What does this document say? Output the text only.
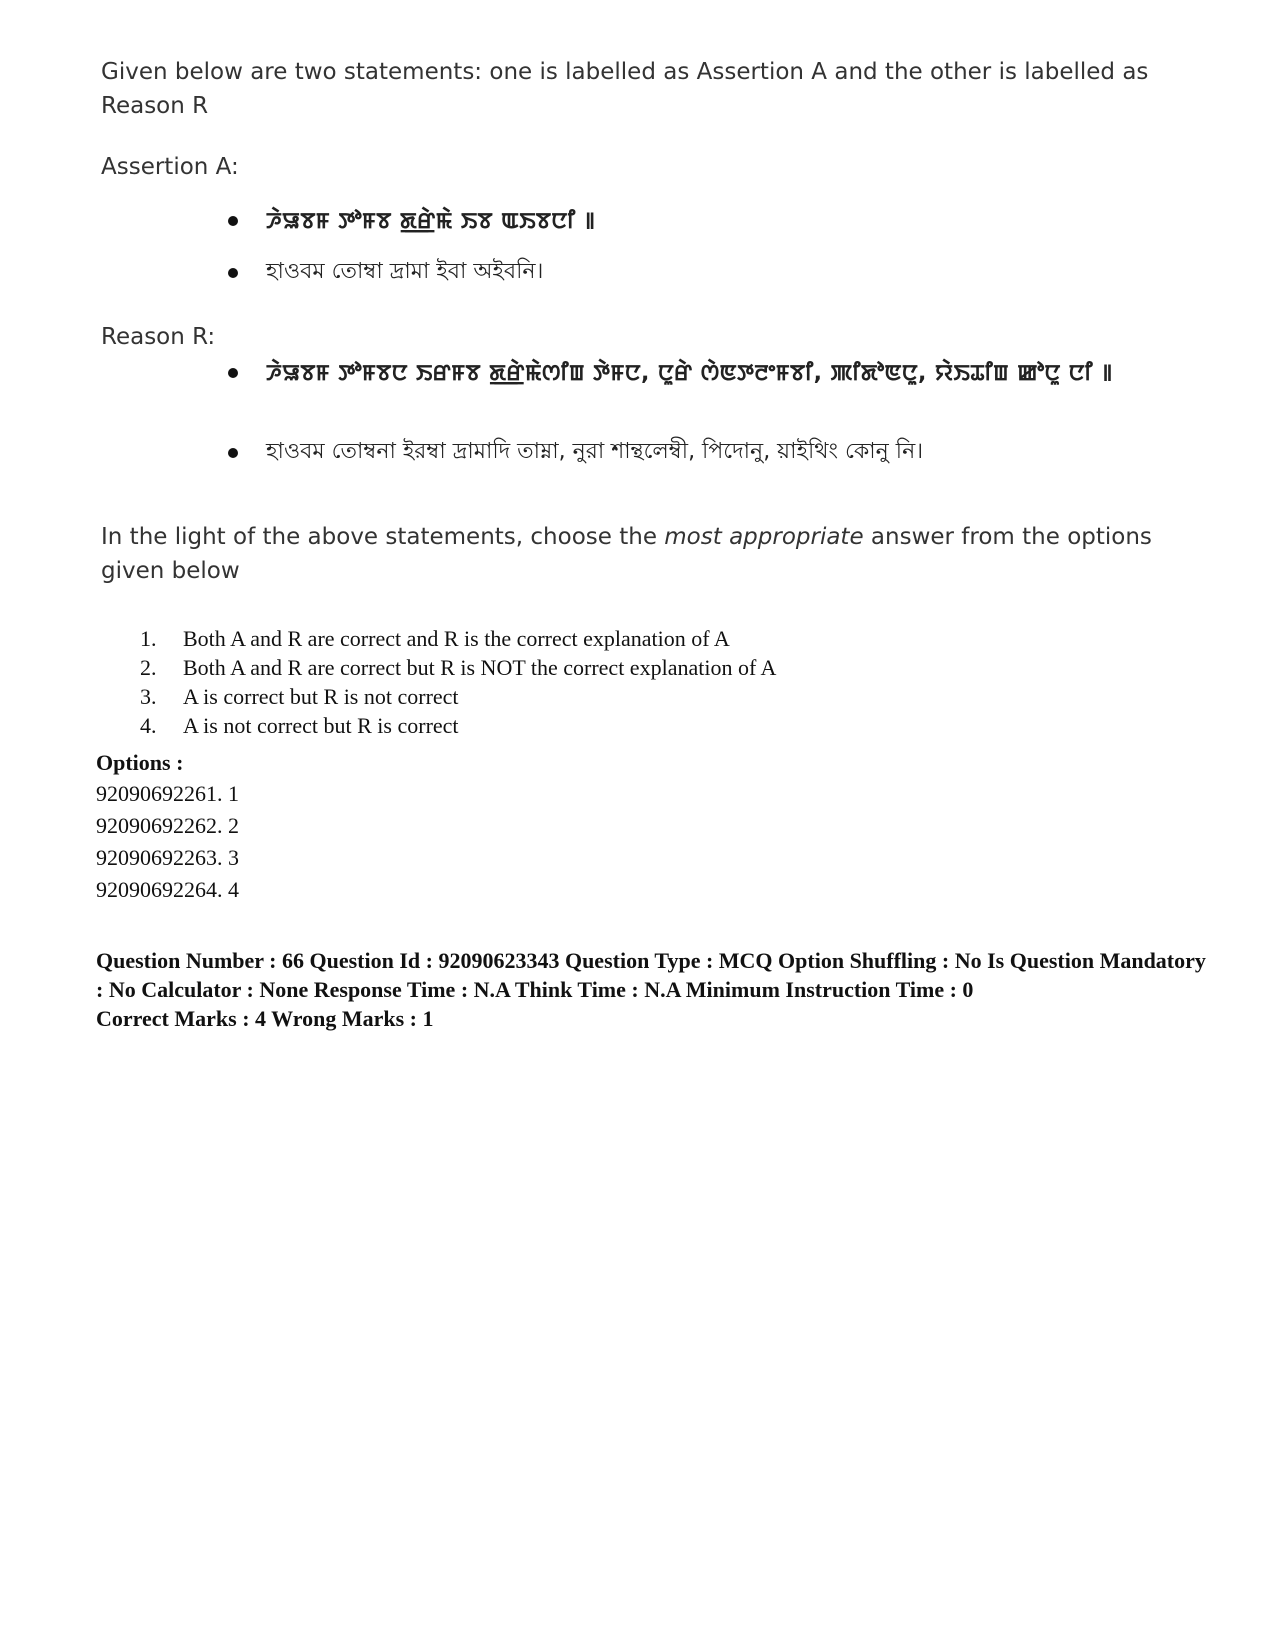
Given below are two statements: one is labelled as Assertion A and the other is labelled as Reason R
Assertion A:
ꯍꯥꯎꯕꯝ ꯇꯣꯝꯕ ꯗ꯭ꯔꯥꯃꯥ ꯏꯕ ꯑꯏꯕꯅꯤ ꯫
হাওবম তোম্বা দ্রামা ইবা অইবনি।
Reason R:
ꯍꯥꯎꯕꯝ ꯇꯣꯝꯕꯅ ꯏꯔꯝꯕ ꯗ꯭ꯔꯥꯃꯥꯁꯤꯡ ꯇꯥꯝꯅ, ꯅꯨꯔꯥ ꯁꯥꯟꯇꯂꯦꯝꯕꯤ, ꯄꯤꯗꯣꯟꯅꯨ, ꯌꯥꯏꯊꯤꯡ ꯀꯣꯅꯨ ꯅꯤ ꯫
হাওবম তোম্বনা ইরম্বা দ্রামাদি তাম্না, নুরা শান্থলেম্বী, পিদোনু, য়াইথিং কোনু নি।
In the light of the above statements, choose the most appropriate answer from the options given below
1.	Both A and R are correct and R is the correct explanation of A
2.	Both A and R are correct but R is NOT the correct explanation of A
3.	A is correct but R is not correct
4.	A is not correct but R is correct
Options :
92090692261. 1
92090692262. 2
92090692263. 3
92090692264. 4
Question Number : 66 Question Id : 92090623343 Question Type : MCQ Option Shuffling : No Is Question Mandatory : No Calculator : None Response Time : N.A Think Time : N.A Minimum Instruction Time : 0
Correct Marks : 4 Wrong Marks : 1
